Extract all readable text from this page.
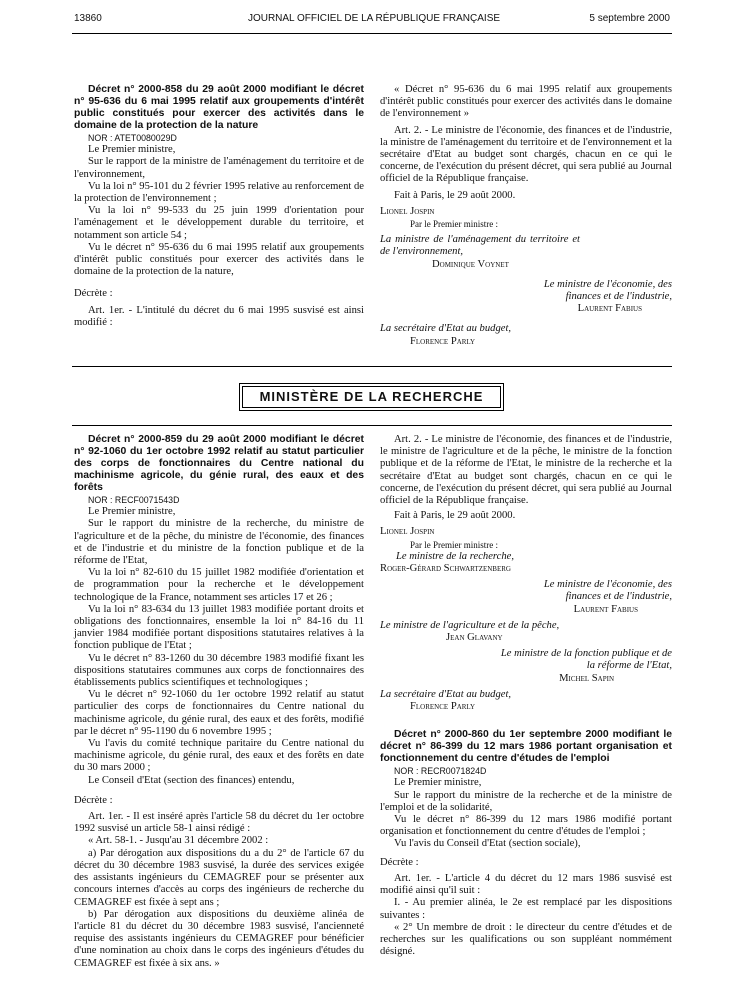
13860	JOURNAL OFFICIEL DE LA RÉPUBLIQUE FRANÇAISE	5 septembre 2000

Décret n° 2000-858 du 29 août 2000 modifiant le décret n° 95-636 du 6 mai 1995 relatif aux groupements d'intérêt public constitués pour exercer des activités dans le domaine de la protection de la nature

NOR : ATET0080029D

Le Premier ministre,

Sur le rapport de la ministre de l'aménagement du territoire et de l'environnement,

Vu la loi n° 95-101 du 2 février 1995 relative au renforcement de la protection de l'environnement ;

Vu la loi n° 99-533 du 25 juin 1999 d'orientation pour l'aménagement et le développement durable du territoire, et notamment son article 54 ;

Vu le décret n° 95-636 du 6 mai 1995 relatif aux groupements d'intérêt public constitués pour exercer des activités dans le domaine de la protection de la nature,

Décrète :

Art. 1er. - L'intitulé du décret du 6 mai 1995 susvisé est ainsi modifié :

« Décret n° 95-636 du 6 mai 1995 relatif aux groupements d'intérêt public constitués pour exercer des activités dans le domaine de l'environnement »

Art. 2. - Le ministre de l'économie, des finances et de l'industrie, la ministre de l'aménagement du territoire et de l'environnement et la secrétaire d'Etat au budget sont chargés, chacun en ce qui le concerne, de l'exécution du présent décret, qui sera publié au Journal officiel de la République française.

Fait à Paris, le 29 août 2000.

Lionel Jospin

Par le Premier ministre :

La ministre de l'aménagement du territoire et de l'environnement,

Dominique Voynet

Le ministre de l'économie, des finances et de l'industrie,

Laurent Fabius

La secrétaire d'Etat au budget,

Florence Parly

MINISTÈRE DE LA RECHERCHE

Décret n° 2000-859 du 29 août 2000 modifiant le décret n° 92-1060 du 1er octobre 1992 relatif au statut particulier des corps de fonctionnaires du Centre national du machinisme agricole, du génie rural, des eaux et des forêts

NOR : RECF0071543D

Le Premier ministre,

Sur le rapport du ministre de la recherche, du ministre de l'agriculture et de la pêche, du ministre de l'économie, des finances et de l'industrie et du ministre de la fonction publique et de la réforme de l'Etat,

Vu la loi n° 82-610 du 15 juillet 1982 modifiée d'orientation et de programmation pour la recherche et le développement technologique de la France, notamment ses articles 17 et 26 ;

Vu la loi n° 83-634 du 13 juillet 1983 modifiée portant droits et obligations des fonctionnaires, ensemble la loi n° 84-16 du 11 janvier 1984 modifiée portant dispositions statutaires relatives à la fonction publique de l'Etat ;

Vu le décret n° 83-1260 du 30 décembre 1983 modifié fixant les dispositions statutaires communes aux corps de fonctionnaires des établissements publics scientifiques et technologiques ;

Vu le décret n° 92-1060 du 1er octobre 1992 relatif au statut particulier des corps de fonctionnaires du Centre national du machinisme agricole, du génie rural, des eaux et des forêts, modifié par le décret n° 95-1190 du 6 novembre 1995 ;

Vu l'avis du comité technique paritaire du Centre national du machinisme agricole, du génie rural, des eaux et des forêts en date du 30 mars 2000 ;

Le Conseil d'Etat (section des finances) entendu,

Décrète :

Art. 1er. - Il est inséré après l'article 58 du décret du 1er octobre 1992 susvisé un article 58-1 ainsi rédigé :

« Art. 58-1. - Jusqu'au 31 décembre 2002 :

a) Par dérogation aux dispositions du a du 2° de l'article 67 du décret du 30 décembre 1983 susvisé, la durée des services exigée des assistants ingénieurs du CEMAGREF pour se présenter aux concours internes d'accès au corps des ingénieurs de recherche du CEMAGREF est fixée à sept ans ;

b) Par dérogation aux dispositions du deuxième alinéa de l'article 81 du décret du 30 décembre 1983 susvisé, l'ancienneté requise des assistants ingénieurs du CEMAGREF pour bénéficier d'une nomination au choix dans le corps des ingénieurs d'études du CEMAGREF est fixée à six ans. »

Art. 2. - Le ministre de l'économie, des finances et de l'industrie, le ministre de l'agriculture et de la pêche, le ministre de la fonction publique et de la réforme de l'Etat, le ministre de la recherche et la secrétaire d'Etat au budget sont chargés, chacun en ce qui le concerne, de l'exécution du présent décret, qui sera publié au Journal officiel de la République française.

Fait à Paris, le 29 août 2000.

Lionel Jospin

Par le Premier ministre :

Le ministre de la recherche,

Roger-Gérard Schwartzenberg

Le ministre de l'économie, des finances et de l'industrie,

Laurent Fabius

Le ministre de l'agriculture et de la pêche,

Jean Glavany

Le ministre de la fonction publique et de la réforme de l'Etat,

Michel Sapin

La secrétaire d'Etat au budget,

Florence Parly

Décret n° 2000-860 du 1er septembre 2000 modifiant le décret n° 86-399 du 12 mars 1986 portant organisation et fonctionnement du centre d'études de l'emploi

NOR : RECR0071824D

Le Premier ministre,

Sur le rapport du ministre de la recherche et de la ministre de l'emploi et de la solidarité,

Vu le décret n° 86-399 du 12 mars 1986 modifié portant organisation et fonctionnement du centre d'études de l'emploi ;

Vu l'avis du Conseil d'Etat (section sociale),

Décrète :

Art. 1er. - L'article 4 du décret du 12 mars 1986 susvisé est modifié ainsi qu'il suit :

I. - Au premier alinéa, le 2e est remplacé par les dispositions suivantes :

« 2° Un membre de droit : le directeur du centre d'études et de recherches sur les qualifications ou son suppléant nommément désigné.
